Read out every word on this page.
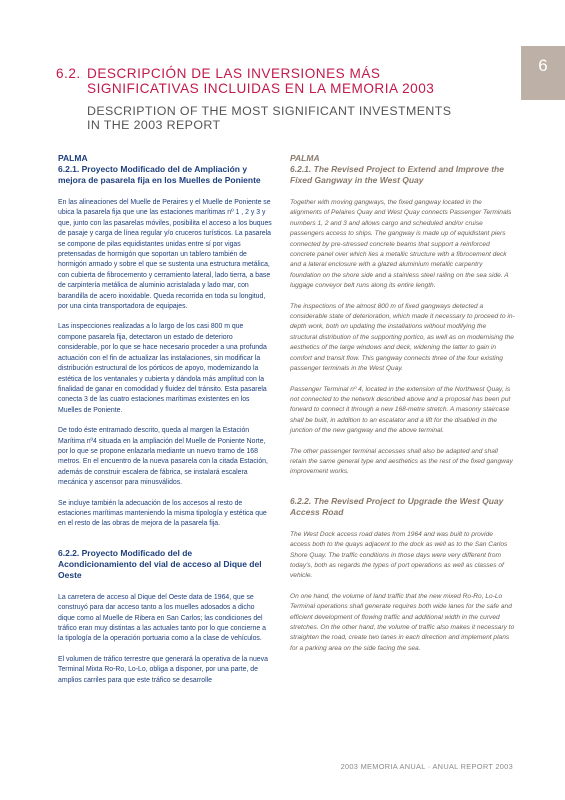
6
6.2. DESCRIPCIÓN DE LAS INVERSIONES MÁS
SIGNIFICATIVAS INCLUIDAS EN LA MEMORIA 2003
DESCRIPTION OF THE MOST SIGNIFICANT INVESTMENTS
IN THE 2003 REPORT
PALMA
6.2.1. Proyecto Modificado del de Ampliación y mejora de pasarela fija en los Muelles de Poniente

En las alineaciones del Muelle de Peraires y el Muelle de Poniente se ubica la pasarela fija que une las estaciones marítimas nº 1 , 2 y 3 y que, junto con las pasarelas móviles, posibilita el acceso a los buques de pasaje y carga de línea regular y/o cruceros turísticos. La pasarela se compone de pilas equidistantes unidas entre sí por vigas pretensadas de hormigón que soportan un tablero también de hormigón armado y sobre el que se sustenta una estructura metálica, con cubierta de fibrocemento y cerramiento lateral, lado tierra, a base de carpintería metálica de aluminio acristalada y lado mar, con barandilla de acero inoxidable. Queda recorrida en toda su longitud, por una cinta transportadora de equipajes.

Las inspecciones realizadas a lo largo de los casi 800 m que compone pasarela fija, detectaron un estado de deterioro considerable, por lo que se hace necesario proceder a una profunda actuación con el fin de actualizar las instalaciones, sin modificar la distribución estructural de los pórticos de apoyo, modernizando la estética de los ventanales y cubierta y dándola más amplitud con la finalidad de ganar en comodidad y fluidez del tránsito. Esta pasarela conecta 3 de las cuatro estaciones marítimas existentes en los Muelles de Poniente.

De todo éste entramado descrito, queda al margen la Estación Marítima nº4 situada en la ampliación del Muelle de Poniente Norte, por lo que se propone enlazarla mediante un nuevo tramo de 168 metros. En el encuentro de la nueva pasarela con la citada Estación, además de construir escalera de fábrica, se instalará escalera mecánica y ascensor para minusválidos.

Se incluye también la adecuación de los accesos al resto de estaciones marítimas manteniendo la misma tipología y estética que en el resto de las obras de mejora de la pasarela fija.

6.2.2. Proyecto Modificado del de Acondicionamiento del vial de acceso al Dique del Oeste

La carretera de acceso al Dique del Oeste data de 1964, que se construyó para dar acceso tanto a los muelles adosados a dicho dique como al Muelle de Ribera en San Carlos; las condiciones del tráfico eran muy distintas a las actuales tanto por lo que concierne a la tipología de la operación portuaria como a la clase de vehículos.

El volumen de tráfico terrestre que generará la operativa de la nueva Terminal Mixta Ro-Ro, Lo-Lo, obliga a disponer, por una parte, de amplios carriles para que este tráfico se desarrolle

PALMA
6.2.1. The Revised Project to Extend and Improve the Fixed Gangway in the West Quay

Together with moving gangways, the fixed gangway located in the alignments of Pelaires Quay and West Quay connects Passenger Terminals numbers 1, 2 and 3 and allows cargo and scheduled and/or cruise passengers access to ships. The gangway is made up of equidistant piers connected by pre-stressed concrete beams that support a reinforced concrete panel over which lies a metallic structure with a fibrocement deck and a lateral enclosure with a glazed aluminium metallic carpentry foundation on the shore side and a stainless steel railing on the sea side. A luggage conveyor belt runs along its entire length.

The inspections of the almost 800 m of fixed gangways detected a considerable state of deterioration, which made it necessary to proceed to in-depth work, both on updating the installations without modifying the structural distribution of the supporting portico, as well as on modernising the aesthetics of the large windows and deck, widening the latter to gain in comfort and transit flow. This gangway connects three of the four existing passenger terminals in the West Quay.

Passenger Terminal nº 4, located in the extension of the Northwest Quay, is not connected to the network described above and a proposal has been put forward to connect it through a new 168-metre stretch. A masonry staircase shall be built, in addition to an escalator and a lift for the disabled in the junction of the new gangway and the above terminal.

The other passenger terminal accesses shall also be adapted and shall retain the same general type and aesthetics as the rest of the fixed gangway improvement works.

6.2.2. The Revised Project to Upgrade the West Quay Access Road

The West Dock access road dates from 1964 and was built to provide access both to the quays adjacent to the dock as well as to the San Carlos Shore Quay. The traffic conditions in those days were very different from today's, both as regards the types of port operations as well as classes of vehicle.

On one hand, the volume of land traffic that the new mixed Ro-Ro, Lo-Lo Terminal operations shall generate requires both wide lanes for the safe and efficient development of flowing traffic and additional width in the curved stretches. On the other hand, the volume of traffic also makes it necessary to straighten the road, create two lanes in each direction and implement plans for a parking area on the side facing the sea.

2003 MEMORIA ANUAL · ANUAL REPORT 2003
